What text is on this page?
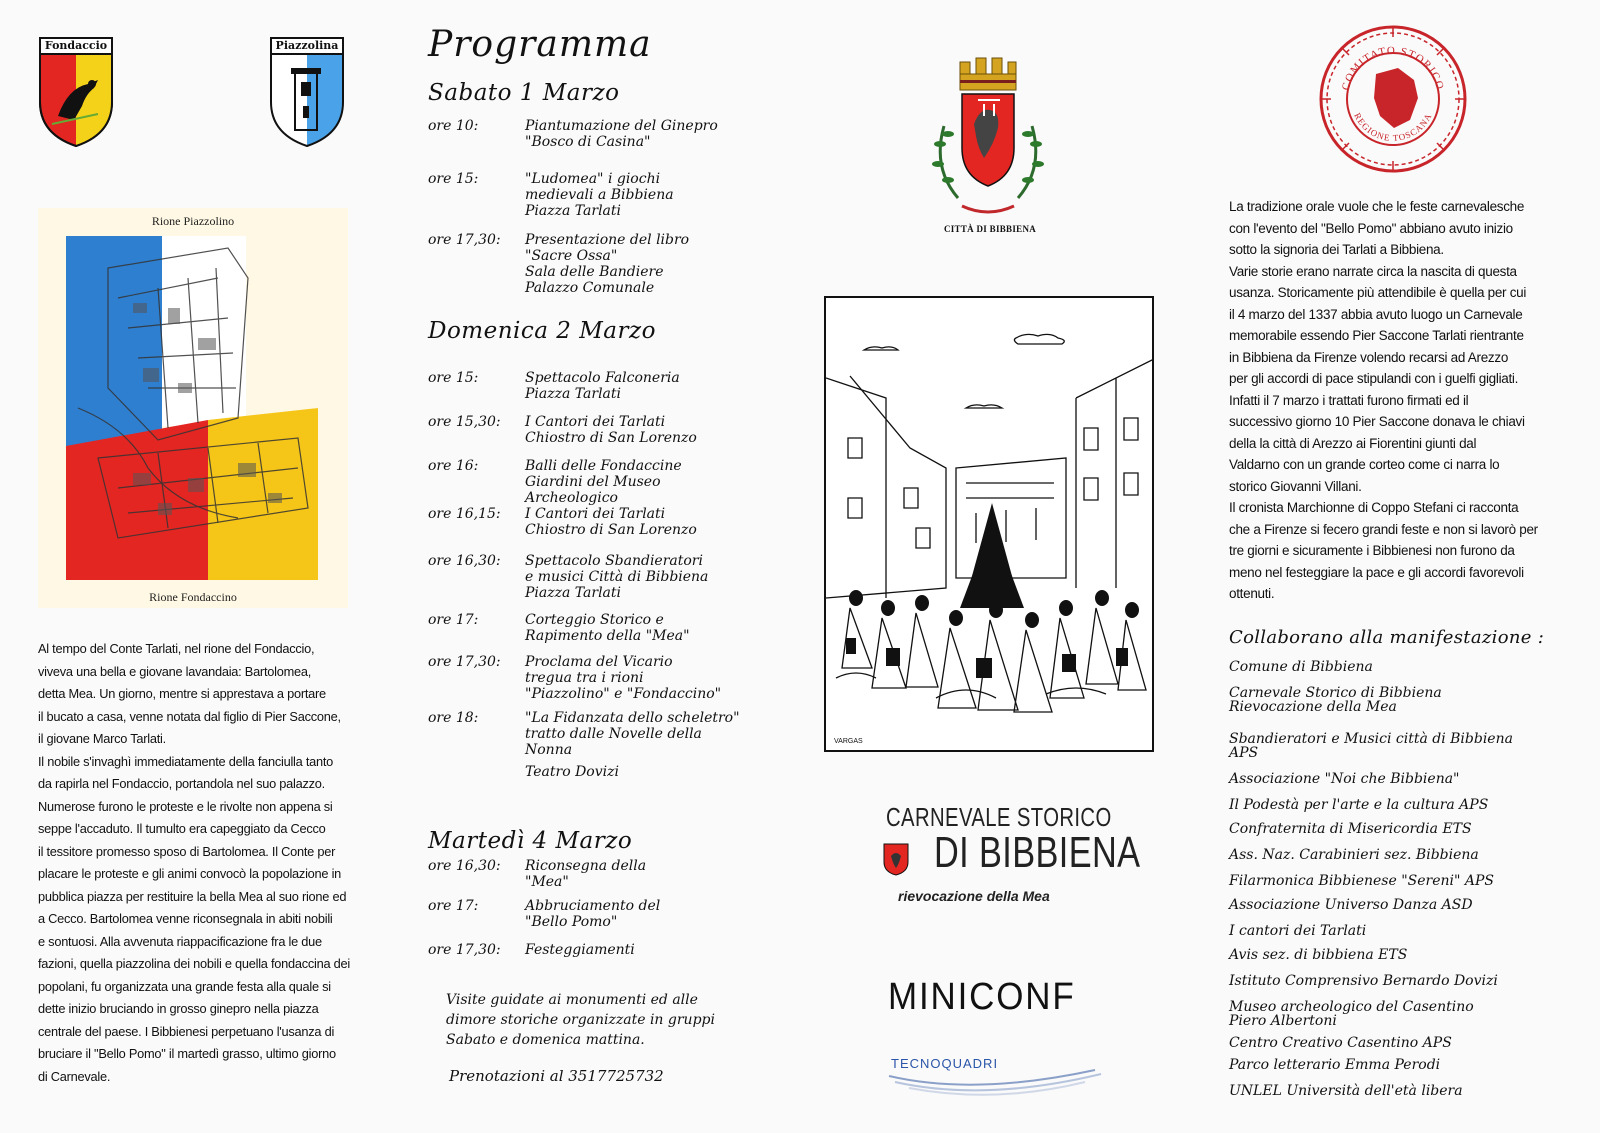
Fondaccio	Piazzolina
Rione Piazzolino
Rione Fondaccino
Al tempo del Conte Tarlati, nel rione del Fondaccio,
viveva una bella e giovane lavandaia: Bartolomea,
detta Mea. Un giorno, mentre si apprestava a portare
il bucato a casa, venne notata dal figlio di Pier Saccone,
il giovane Marco Tarlati.
Il nobile s'invaghì immediatamente della fanciulla tanto
da rapirla nel Fondaccio, portandola nel suo palazzo.
Numerose furono le proteste e le rivolte non appena si
seppe l'accaduto. Il tumulto era capeggiato da Cecco
il tessitore promesso sposo di Bartolomea. Il Conte per
placare le proteste e gli animi convocò la popolazione in
pubblica piazza per restituire la bella Mea al suo rione ed
a Cecco. Bartolomea venne riconsegnala in abiti nobili
e sontuosi. Alla avvenuta riappacificazione fra le due
fazioni, quella piazzolina dei nobili e quella fondaccina dei
popolani, fu organizzata una grande festa alla quale si
dette inizio bruciando in grosso ginepro nella piazza
centrale del paese. I Bibbienesi perpetuano l'usanza di
bruciare il "Bello Pomo" il martedì grasso, ultimo giorno
di Carnevale.
Programma
Sabato 1 Marzo
ore 10:	Piantumazione del Ginepro
"Bosco di Casina"
ore 15:	"Ludomea" i giochi
medievali a Bibbiena
Piazza Tarlati
ore 17,30:	Presentazione del libro
"Sacre Ossa"
Sala delle Bandiere
Palazzo Comunale
Domenica 2 Marzo
ore 15:	Spettacolo Falconeria
Piazza Tarlati
ore 15,30:	I Cantori dei Tarlati
Chiostro di San Lorenzo
ore 16:	Balli delle Fondaccine
Giardini del Museo
Archeologico
ore 16,15:	I Cantori dei Tarlati
Chiostro di San Lorenzo
ore 16,30:	Spettacolo Sbandieratori
e musici Città di Bibbiena
Piazza Tarlati
ore 17:	Corteggio Storico e
Rapimento della "Mea"
ore 17,30:	Proclama del Vicario
tregua tra i rioni
"Piazzolino" e "Fondaccino"
ore 18:	"La Fidanzata dello scheletro"
tratto dalle Novelle della
Nonna
Teatro Dovizi
Martedì 4 Marzo
ore 16,30:	Riconsegna della
"Mea"
ore 17:	Abbruciamento del
"Bello Pomo"
ore 17,30:	Festeggiamenti
Visite guidate ai monumenti ed alle
dimore storiche organizzate in gruppi
Sabato e domenica mattina.
Prenotazioni al 3517725732
CITTÀ DI BIBBIENA
VARGAS
CARNEVALE STORICO
DI BIBBIENA
rievocazione della Mea
MINICONF
TECNOQUADRI
COMITATO STORICO
REGIONE TOSCANA
La tradizione orale vuole che le feste carnevalesche
con l'evento del "Bello Pomo" abbiano avuto inizio
sotto la signoria dei Tarlati a Bibbiena.
Varie storie erano narrate circa la nascita di questa
usanza. Storicamente più attendibile è quella per cui
il 4 marzo del 1337 abbia avuto luogo un Carnevale
memorabile essendo Pier Saccone Tarlati rientrante
in Bibbiena da Firenze volendo recarsi ad Arezzo
per gli accordi di pace stipulandi con i guelfi gigliati.
Infatti il 7 marzo i trattati furono firmati ed il
successivo giorno 10 Pier Saccone donava le chiavi
della la città di Arezzo ai Fiorentini giunti dal
Valdarno con un grande corteo come ci narra lo
storico Giovanni Villani.
Il cronista Marchionne di Coppo Stefani ci racconta
che a Firenze si fecero grandi feste e non si lavorò per
tre giorni e sicuramente i Bibbienesi non furono da
meno nel festeggiare la pace e gli accordi favorevoli
ottenuti.
Collaborano alla manifestazione :
Comune di Bibbiena
Carnevale Storico di Bibbiena
Rievocazione della Mea
Sbandieratori e Musici città di Bibbiena
APS
Associazione "Noi che Bibbiena"
Il Podestà per l'arte e la cultura APS
Confraternita di Misericordia ETS
Ass. Naz. Carabinieri sez. Bibbiena
Filarmonica Bibbienese "Sereni" APS
Associazione Universo Danza ASD
I cantori dei Tarlati
Avis sez. di bibbiena ETS
Istituto Comprensivo Bernardo Dovizi
Museo archeologico del Casentino
Piero Albertoni
Centro Creativo Casentino APS
Parco letterario Emma Perodi
UNLEL Università dell'età libera
